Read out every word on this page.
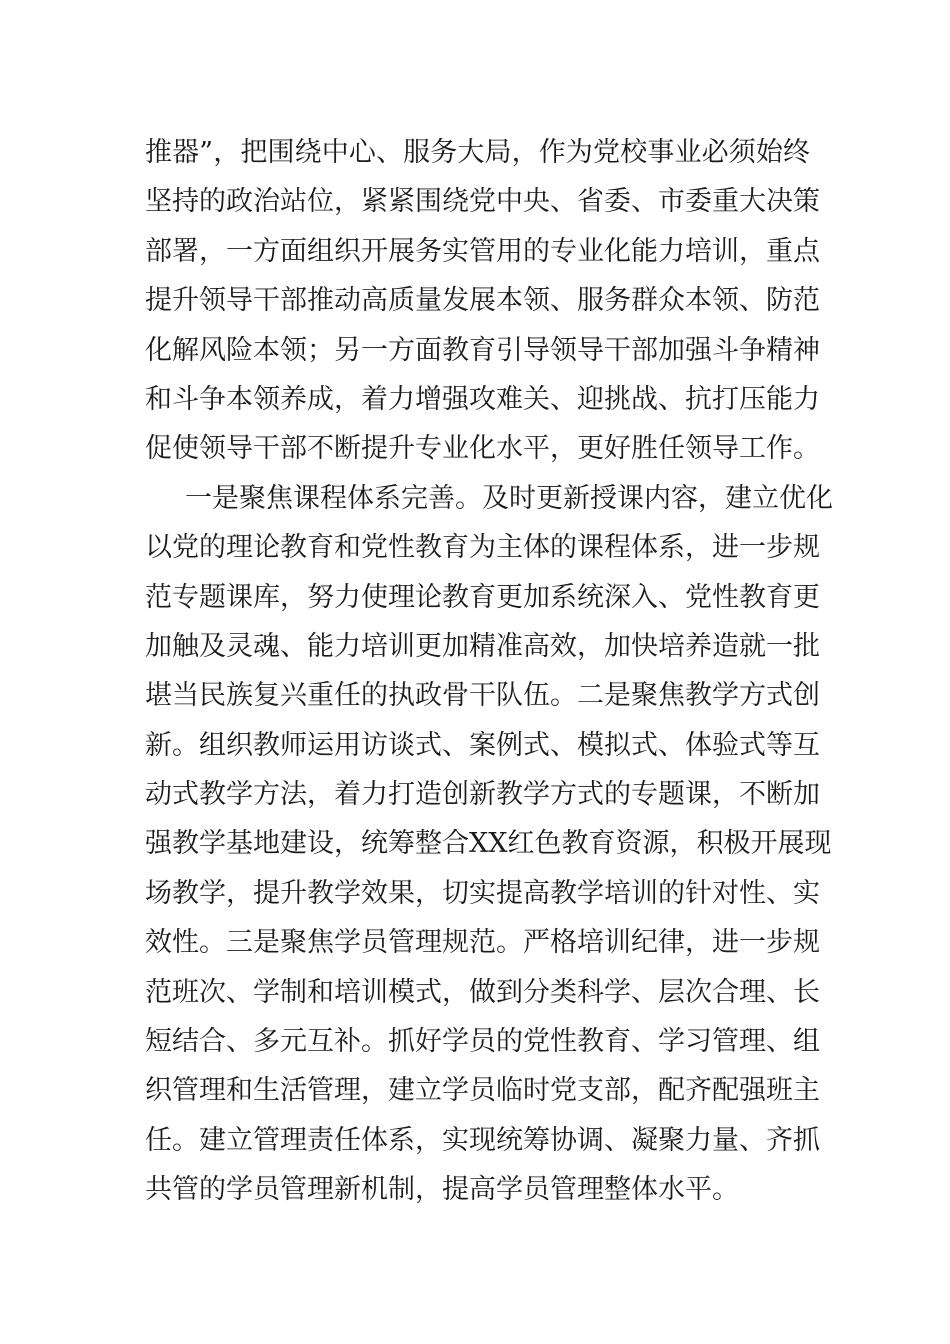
推器”，把围绕中心、服务大局，作为党校事业必须始终
坚持的政治站位，紧紧围绕党中央、省委、市委重大决策
部署，一方面组织开展务实管用的专业化能力培训，重点
提升领导干部推动高质量发展本领、服务群众本领、防范
化解风险本领；另一方面教育引导领导干部加强斗争精神
和斗争本领养成，着力增强攻难关、迎挑战、抗打压能力
促使领导干部不断提升专业化水平，更好胜任领导工作。
一是聚焦课程体系完善。及时更新授课内容，建立优化
以党的理论教育和党性教育为主体的课程体系，进一步规
范专题课库，努力使理论教育更加系统深入、党性教育更
加触及灵魂、能力培训更加精准高效，加快培养造就一批
堪当民族复兴重任的执政骨干队伍。二是聚焦教学方式创
新。组织教师运用访谈式、案例式、模拟式、体验式等互
动式教学方法，着力打造创新教学方式的专题课，不断加
强教学基地建设，统筹整合XX红色教育资源，积极开展现
场教学，提升教学效果，切实提高教学培训的针对性、实
效性。三是聚焦学员管理规范。严格培训纪律，进一步规
范班次、学制和培训模式，做到分类科学、层次合理、长
短结合、多元互补。抓好学员的党性教育、学习管理、组
织管理和生活管理，建立学员临时党支部，配齐配强班主
任。建立管理责任体系，实现统筹协调、凝聚力量、齐抓
共管的学员管理新机制，提高学员管理整体水平。
